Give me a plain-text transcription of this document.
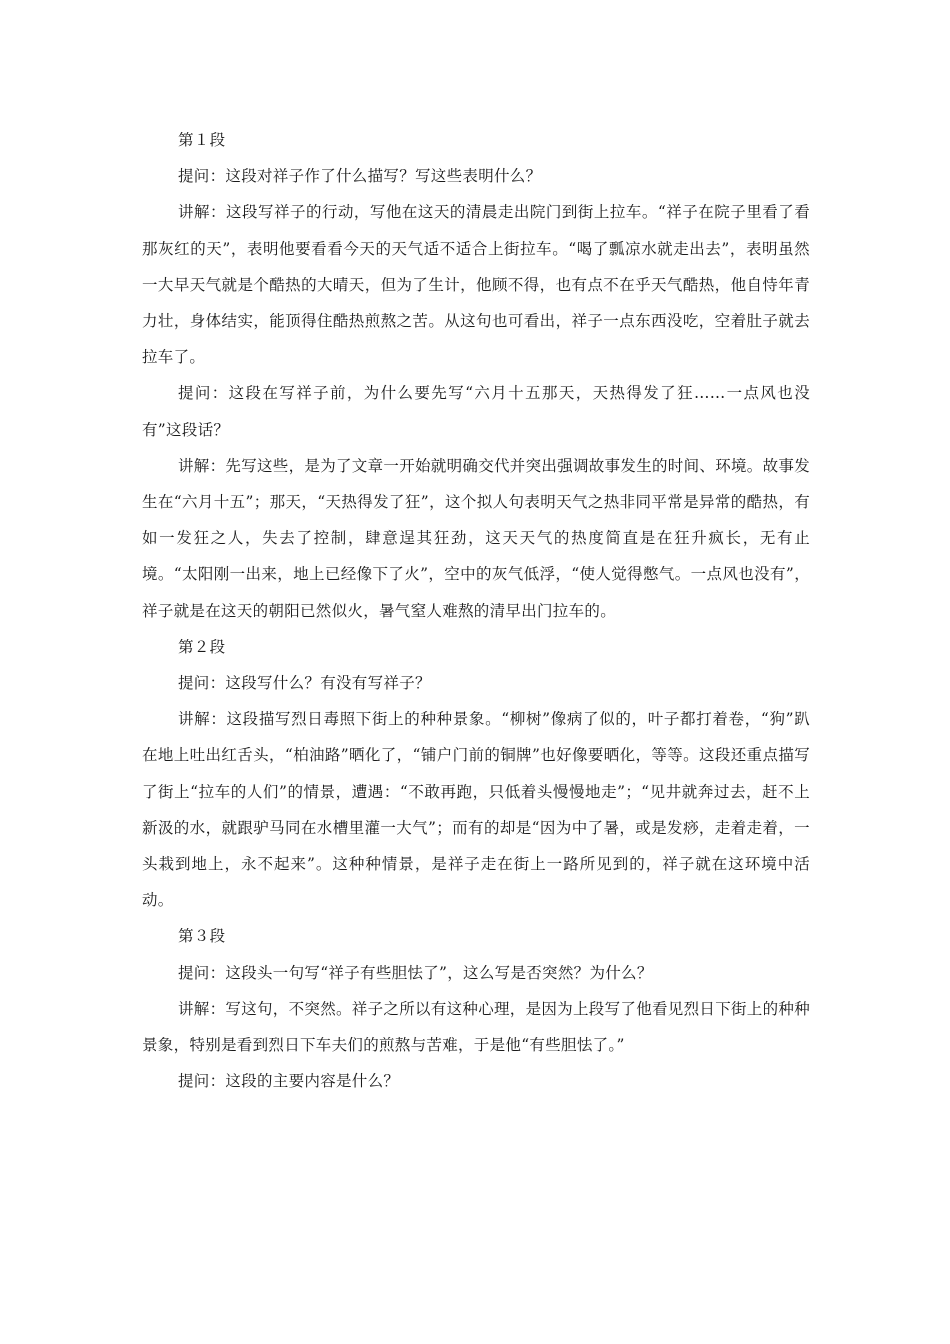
第１段

提问：这段对祥子作了什么描写？写这些表明什么？

讲解：这段写祥子的行动，写他在这天的清晨走出院门到街上拉车。“祥子在院子里看了看那灰红的天”，表明他要看看今天的天气适不适合上街拉车。“喝了瓢凉水就走出去”，表明虽然一大早天气就是个酷热的大晴天，但为了生计，他顾不得，也有点不在乎天气酷热，他自恃年青力壮，身体结实，能顶得住酷热煎熬之苦。从这句也可看出，祥子一点东西没吃，空着肚子就去拉车了。

提问：这段在写祥子前，为什么要先写“六月十五那天，天热得发了狂……一点风也没有”这段话？

讲解：先写这些，是为了文章一开始就明确交代并突出强调故事发生的时间、环境。故事发生在“六月十五”；那天，“天热得发了狂”，这个拟人句表明天气之热非同平常是异常的酷热，有如一发狂之人，失去了控制，肆意逞其狂劲，这天天气的热度简直是在狂升疯长，无有止境。“太阳刚一出来，地上已经像下了火”，空中的灰气低浮，“使人觉得憋气。一点风也没有”，祥子就是在这天的朝阳已然似火，暑气窒人难熬的清早出门拉车的。

第２段

提问：这段写什么？有没有写祥子？

讲解：这段描写烈日毒照下街上的种种景象。“柳树”像病了似的，叶子都打着卷，“狗”趴在地上吐出红舌头，“柏油路”晒化了，“铺户门前的铜牌”也好像要晒化，等等。这段还重点描写了街上“拉车的人们”的情景，遭遇：“不敢再跑，只低着头慢慢地走”；“见井就奔过去，赶不上新汲的水，就跟驴马同在水槽里灌一大气”；而有的却是“因为中了暑，或是发痧，走着走着，一头栽到地上，永不起来”。这种种情景，是祥子走在街上一路所见到的，祥子就在这环境中活动。

第３段

提问：这段头一句写“祥子有些胆怯了”，这么写是否突然？为什么？

讲解：写这句，不突然。祥子之所以有这种心理，是因为上段写了他看见烈日下街上的种种景象，特别是看到烈日下车夫们的煎熬与苦难，于是他“有些胆怯了。”

提问：这段的主要内容是什么？
